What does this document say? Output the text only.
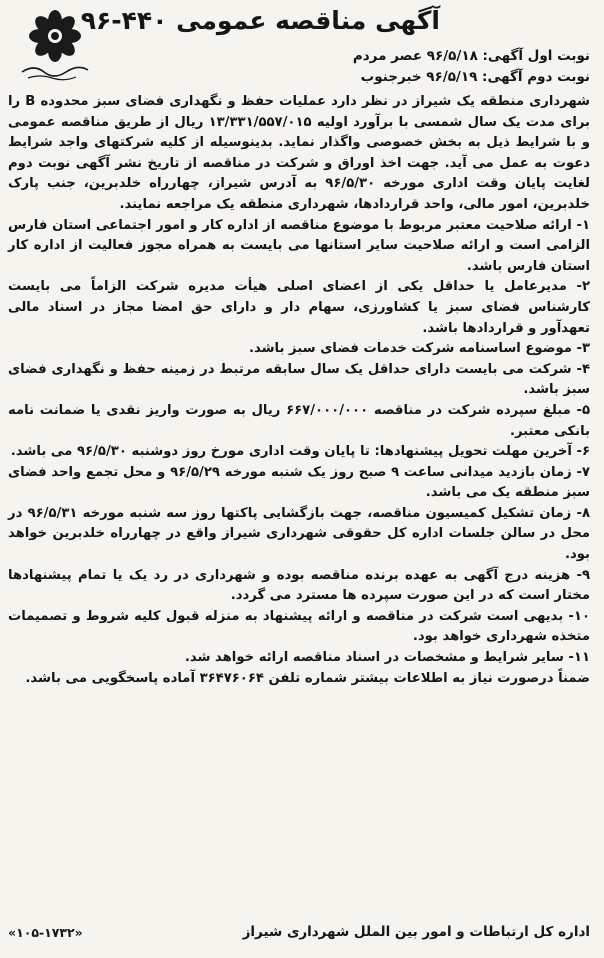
آگهی مناقصه عمومی ۴۴۰-۹۶
نوبت اول آگهی: ۹۶/۵/۱۸ عصر مردم
نوبت دوم آگهی: ۹۶/۵/۱۹ خبرجنوب

شهرداری منطقه یک شیراز در نظر دارد عملیات حفظ و نگهداری فضای سبز محدوده B را برای مدت یک سال شمسی با برآورد اولیه ۱۳/۳۳۱/۵۵۷/۰۱۵ ریال از طریق مناقصه عمومی و با شرایط ذیل به بخش خصوصی واگذار نماید. بدینوسیله از کلیه شرکتهای واجد شرایط دعوت به عمل می آید. جهت اخذ اوراق و شرکت در مناقصه از تاریخ نشر آگهی نوبت دوم لغایت پایان وقت اداری مورخه ۹۶/۵/۳۰ به آدرس شیراز، چهارراه خلدبرین، جنب پارک خلدبرین، امور مالی، واحد قراردادها، شهرداری منطقه یک مراجعه نمایند.

۱- ارائه صلاحیت معتبر مربوط با موضوع مناقصه از اداره کار و امور اجتماعی استان فارس الزامی است و ارائه صلاحیت سایر استانها می بایست به همراه مجوز فعالیت از اداره کار استان فارس باشد.

۲- مدیرعامل یا حداقل یکی از اعضای اصلی هیأت مدیره شرکت الزاماً می بایست کارشناس فضای سبز یا کشاورزی، سهام دار و دارای حق امضا مجاز در اسناد مالی تعهدآور و قراردادها باشد.

۳- موضوع اساسنامه شرکت خدمات فضای سبز باشد.

۴- شرکت می بایست دارای حداقل یک سال سابقه مرتبط در زمینه حفظ و نگهداری فضای سبز باشد.

۵- مبلغ سپرده شرکت در مناقصه ۶۶۷/۰۰۰/۰۰۰ ریال به صورت واریز نقدی یا ضمانت نامه بانکی معتبر.

۶- آخرین مهلت تحویل پیشنهادها: تا پایان وقت اداری مورخ روز دوشنبه ۹۶/۵/۳۰ می باشد.

۷- زمان بازدید میدانی ساعت ۹ صبح روز یک شنبه مورخه ۹۶/۵/۲۹ و محل تجمع واحد فضای سبز منطقه یک می باشد.

۸- زمان تشکیل کمیسیون مناقصه، جهت بازگشایی پاکتها روز سه شنبه مورخه ۹۶/۵/۳۱ در محل در سالن جلسات اداره کل حقوقی شهرداری شیراز واقع در چهارراه خلدبرین خواهد بود.

۹- هزینه درج آگهی به عهده برنده مناقصه بوده و شهرداری در رد یک یا تمام پیشنهادها مختار است که در این صورت سپرده ها مسترد می گردد.

۱۰- بدیهی است شرکت در مناقصه و ارائه پیشنهاد به منزله قبول کلیه شروط و تصمیمات متخذه شهرداری خواهد بود.

۱۱- سایر شرایط و مشخصات در اسناد مناقصه ارائه خواهد شد.

ضمناً درصورت نیاز به اطلاعات بیشتر شماره تلفن ۳۶۴۷۶۰۶۴ آماده پاسخگویی می باشد.

اداره کل ارتباطات و امور بین الملل شهرداری شیراز
«۱۰۵-۱۷۳۲»
